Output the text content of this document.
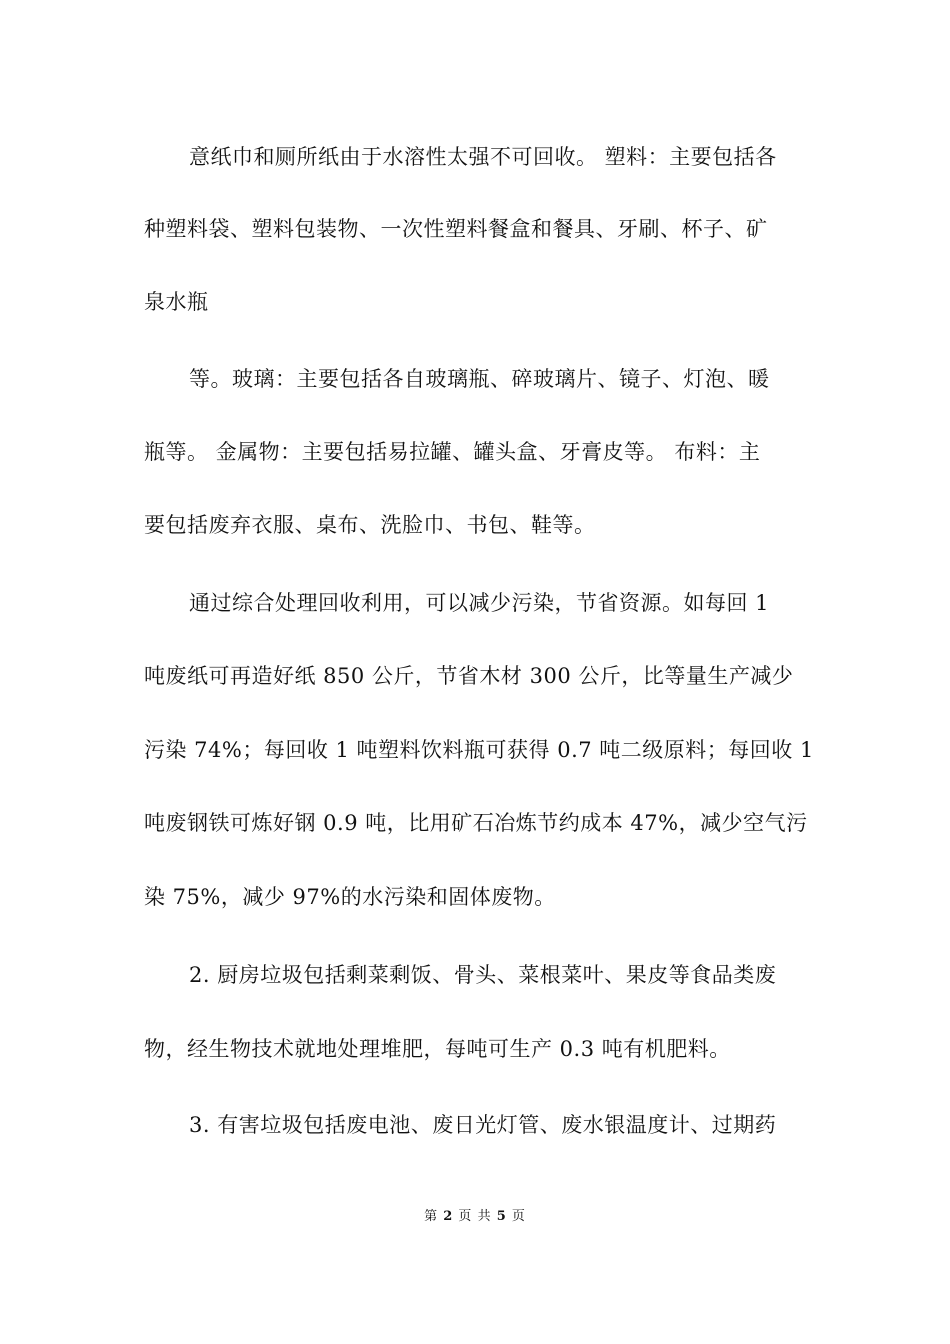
意纸巾和厕所纸由于水溶性太强不可回收。 塑料：主要包括各
种塑料袋、塑料包装物、一次性塑料餐盒和餐具、牙刷、杯子、矿
泉水瓶
等。玻璃：主要包括各自玻璃瓶、碎玻璃片、镜子、灯泡、暖
瓶等。 金属物：主要包括易拉罐、罐头盒、牙膏皮等。 布料：主
要包括废弃衣服、桌布、洗脸巾、书包、鞋等。
通过综合处理回收利用，可以减少污染，节省资源。如每回 1
吨废纸可再造好纸 850 公斤，节省木材 300 公斤，比等量生产减少
污染 74%；每回收 1 吨塑料饮料瓶可获得 0.7 吨二级原料；每回收 1
吨废钢铁可炼好钢 0.9 吨，比用矿石冶炼节约成本 47%，减少空气污
染 75%，减少 97%的水污染和固体废物。
2. 厨房垃圾包括剩菜剩饭、骨头、菜根菜叶、果皮等食品类废
物，经生物技术就地处理堆肥，每吨可生产 0.3 吨有机肥料。
3. 有害垃圾包括废电池、废日光灯管、废水银温度计、过期药
第 2 页 共 5 页
